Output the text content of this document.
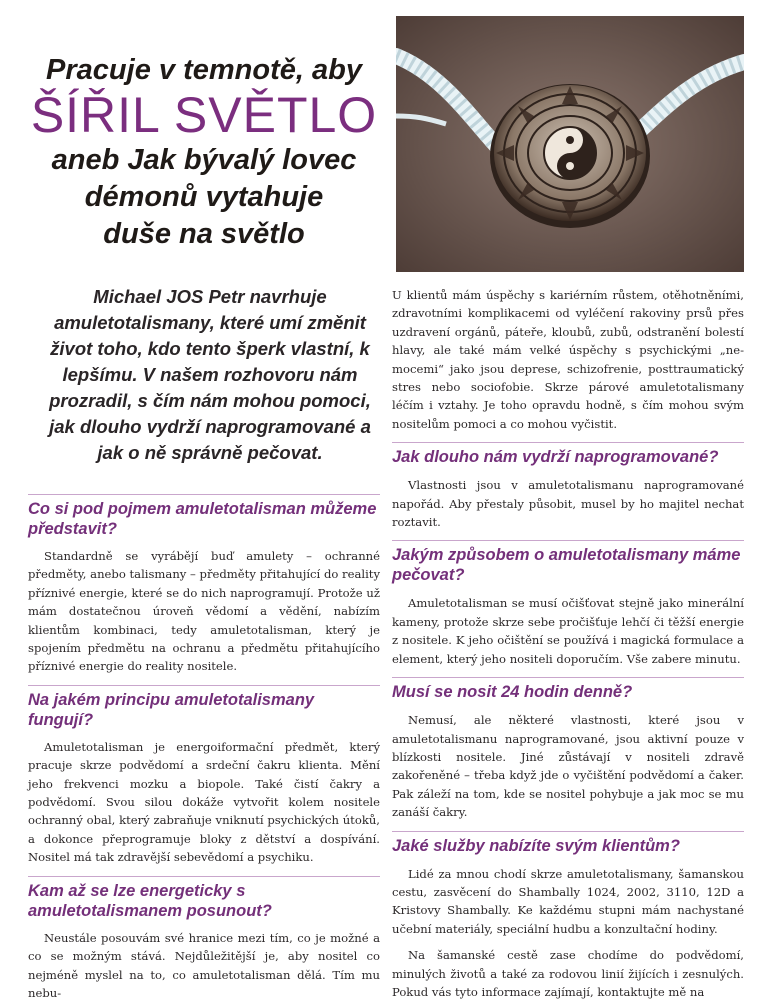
Pracuje v temnotě, aby
ŠÍŘIL SVĚTLO
aneb Jak bývalý lovec
démonů vytahuje
duše na světlo
Michael JOS Petr navrhuje amuletotalismany, které umí změnit život toho, kdo tento šperk vlastní, k lepšímu. V našem rozhovoru nám prozradil, s čím nám mohou pomoci, jak dlouho vydrží naprogramované a jak o ně správně pečovat.
Co si pod pojmem amuletotalisman můžeme představit?

Standardně se vyrábějí buď amulety – ochranné předměty, anebo talismany – předměty přitahující do reality příznivé energie, které se do nich naprogramují. Protože už mám dostatečnou úroveň vědomí a vědění, nabízím klientům kombinaci, tedy amuletotalisman, který je spojením předmětu na ochranu a předmětu přitahujícího příznivé energie do reality nositele.

Na jakém principu amuletotalismany fungují?

Amuletotalisman je energoiformační předmět, který pracuje skrze podvědomí a srdeční čakru klienta. Mění jeho frekvenci mozku a biopole. Také čistí čakry a podvědomí. Svou silou dokáže vytvořit kolem nositele ochranný obal, který zabraňuje vniknutí psychických útoků, a dokonce přeprogramuje bloky z dětství a dospívání. Nositel má tak zdravější sebevědomí a psychiku.

Kam až se lze energeticky s amuletotalismanem posunout?

Neustále posouvám své hranice mezi tím, co je možné a co se možným stává. Nejdůležitější je, aby nositel co nejméně myslel na to, co amuletotalisman dělá. Tím mu nebu-

U klientů mám úspěchy s kariérním růstem, otěhotněními, zdravotními komplikacemi od vyléčení rakoviny prsů přes uzdravení orgánů, páteře, kloubů, zubů, odstranění bolestí hlavy, ale také mám velké úspěchy s psychickými „ne-mocemi“ jako jsou deprese, schizofrenie, posttraumatický stres nebo sociofobie. Skrze párové amuletotalismany léčím i vztahy. Je toho opravdu hodně, s čím mohou svým nositelům pomoci a co mohou vyčistit.

Jak dlouho nám vydrží naprogramované?

Vlastnosti jsou v amuletotalismanu naprogramované napořád. Aby přestaly působit, musel by ho majitel nechat roztavit.

Jakým způsobem o amuletotalismany máme pečovat?

Amuletotalisman se musí očišťovat stejně jako minerální kameny, protože skrze sebe pročišťuje lehčí či těžší energie z nositele. K jeho očištění se používá i magická formulace a element, který jeho nositeli doporučím. Vše zabere minutu.

Musí se nosit 24 hodin denně?

Nemusí, ale některé vlastnosti, které jsou v amuletotalismanu naprogramované, jsou aktivní pouze v blízkosti nositele. Jiné zůstávají v nositeli zdravě zakořeněné – třeba když jde o vyčištění podvědomí a čaker. Pak záleží na tom, kde se nositel pohybuje a jak moc se mu zanáší čakry.

Jaké služby nabízíte svým klientům?

Lidé za mnou chodí skrze amuletotalismany, šamanskou cestu, zasvěcení do Shambally 1024, 2002, 3110, 12D a Kristovy Shambally. Ke každému stupni mám nachystané učební materiály, speciální hudbu a konzultační hodiny.

Na šamanské cestě zase chodíme do podvědomí, minulých životů a také za rodovou linií žijících i zesnulých. Pokud vás tyto informace zajímají, kontaktujte mě na
